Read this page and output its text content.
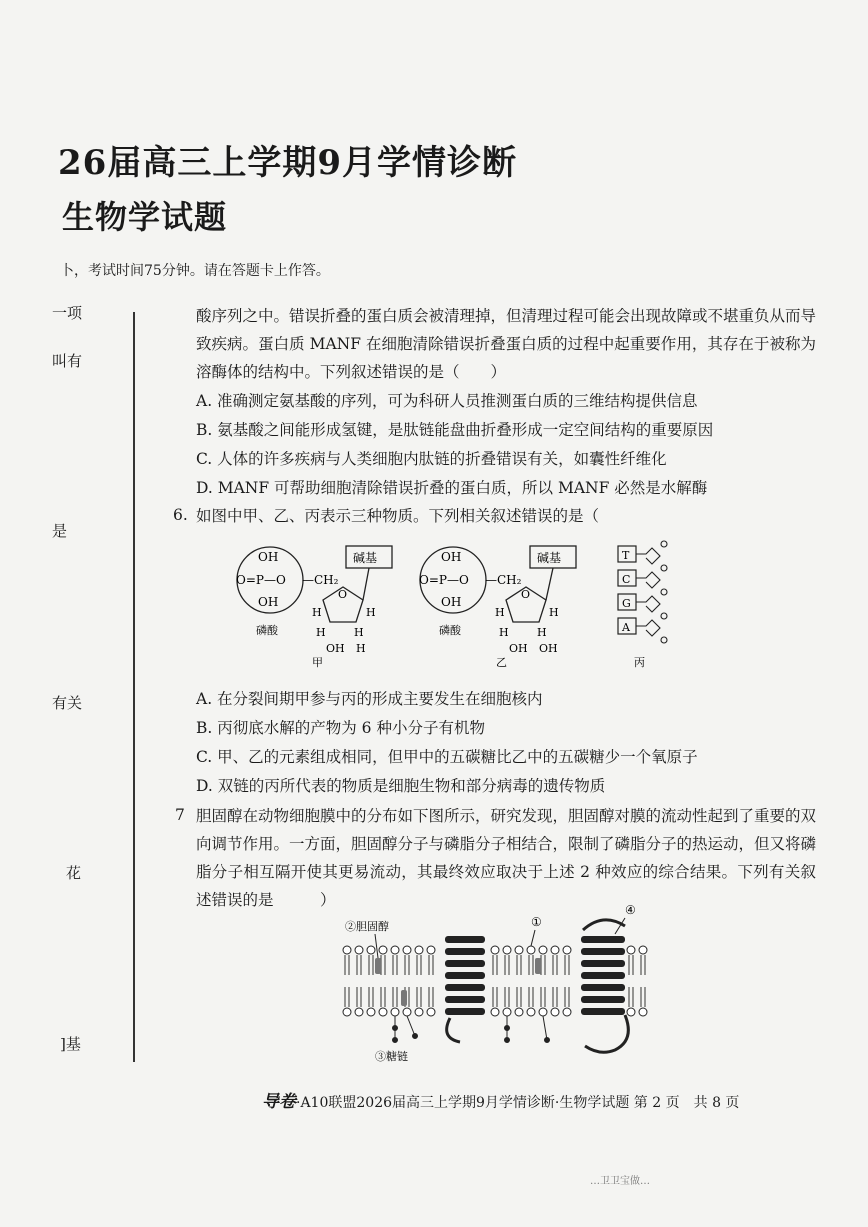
26届高三上学期9月学情诊断
生物学试题
卜，考试时间75分钟。请在答题卡上作答。
一项
叫有
是
有关
花
]基
酸序列之中。错误折叠的蛋白质会被清理掉，但清理过程可能会出现故障或不堪重负从而导致疾病。蛋白质 MANF 在细胞清除错误折叠蛋白质的过程中起重要作用，其存在于被称为溶酶体的结构中。下列叙述错误的是（　　）
A. 准确测定氨基酸的序列，可为科研人员推测蛋白质的三维结构提供信息
B. 氨基酸之间能形成氢键，是肽链能盘曲折叠形成一定空间结构的重要原因
C. 人体的许多疾病与人类细胞内肽链的折叠错误有关，如囊性纤维化
D. MANF 可帮助细胞清除错误折叠的蛋白质，所以 MANF 必然是水解酶
6. 如图中甲、乙、丙表示三种物质。下列相关叙述错误的是（
OH
O=P—O
OH
—CH₂
碱基
O
H	H
H	H
OH H
磷酸
甲
OH
O=P—O
OH
—CH₂
碱基
O
H	H
H	H
OH OH
磷酸
乙
T
C
G
A
丙
A. 在分裂间期甲参与丙的形成主要发生在细胞核内
B. 丙彻底水解的产物为 6 种小分子有机物
C. 甲、乙的元素组成相同，但甲中的五碳糖比乙中的五碳糖少一个氧原子
D. 双链的丙所代表的物质是细胞生物和部分病毒的遗传物质
7 胆固醇在动物细胞膜中的分布如下图所示，研究发现，胆固醇对膜的流动性起到了重要的双向调节作用。一方面，胆固醇分子与磷脂分子相结合，限制了磷脂分子的热运动，但又将磷脂分子相互隔开使其更易流动，其最终效应取决于上述 2 种效应的综合结果。下列有关叙述错误的是　　　）
②胆固醇	①
④
③糖链
导卷·A10联盟2026届高三上学期9月学情诊断·生物学试题 第 2 页　共 8 页
…卫卫宝做…
